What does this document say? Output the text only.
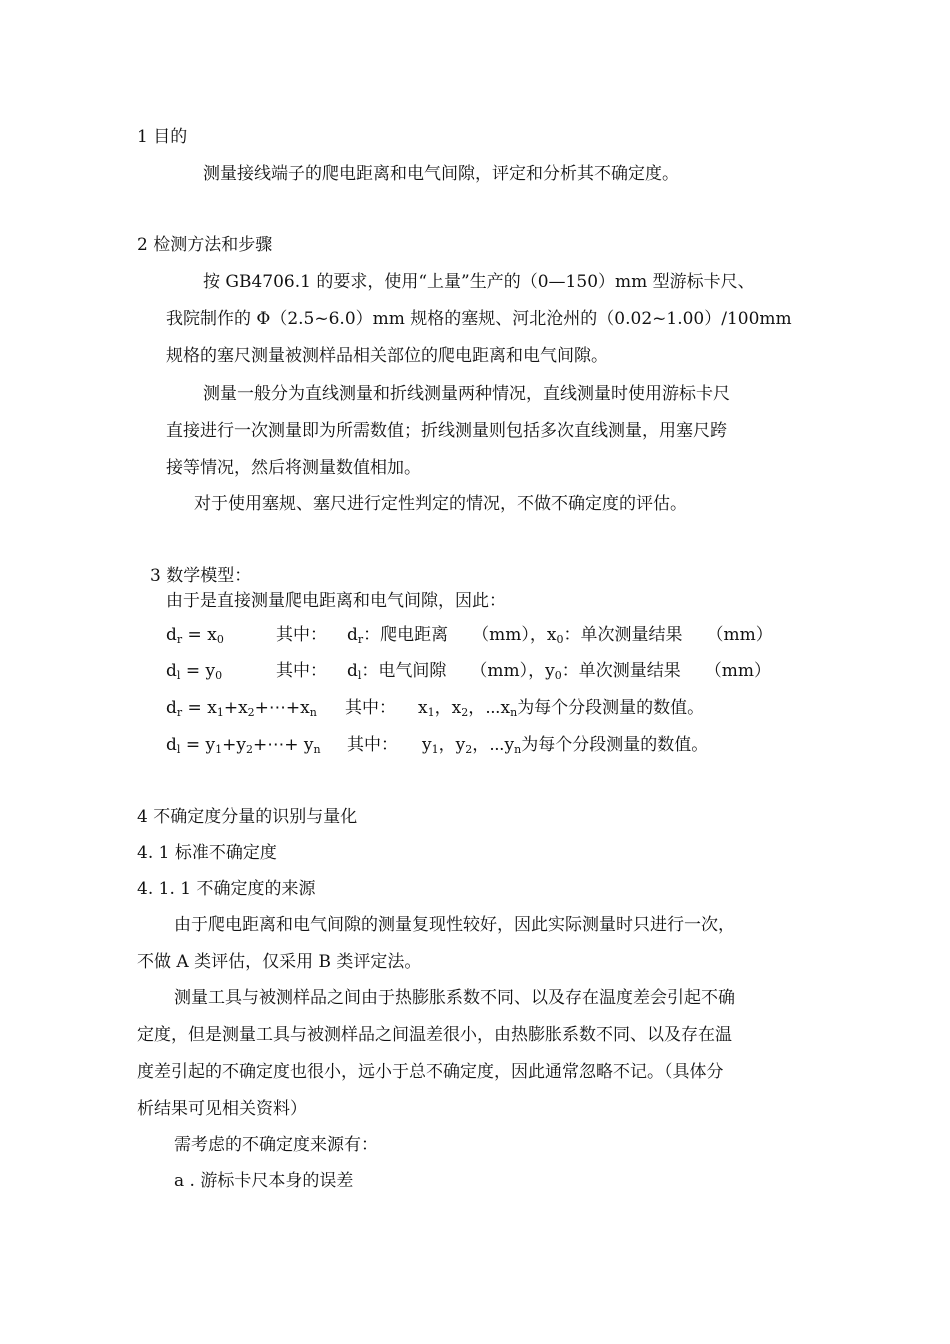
1 目的
测量接线端子的爬电距离和电气间隙，评定和分析其不确定度。
2 检测方法和步骤
按 GB4706.1 的要求，使用“上量”生产的（0—150）mm 型游标卡尺、
我院制作的 Φ（2.5~6.0）mm 规格的塞规、河北沧州的（0.02~1.00）/100mm
规格的塞尺测量被测样品相关部位的爬电距离和电气间隙。
测量一般分为直线测量和折线测量两种情况，直线测量时使用游标卡尺
直接进行一次测量即为所需数值；折线测量则包括多次直线测量，用塞尺跨
接等情况，然后将测量数值相加。
对于使用塞规、塞尺进行定性判定的情况，不做不确定度的评估。
3 数学模型：
由于是直接测量爬电距离和电气间隙，因此：
$d_r = x_0$	其中： $d_r$：爬电距离 （mm），$x_0$：单次测量结果 （mm）
$d_l = y_0$	其中： $d_l$：电气间隙 （mm），$y_0$：单次测量结果 （mm）
$d_r$ = $x_1+x_2+\cdots+x_n$ 其中： $x_1$，$x_2$，$\cdots x_n$为每个分段测量的数值。
$d_l$ = $y_1+y_2+\cdots+ y_n$ 其中： $y_1$，$y_2$，$\cdots y_n$为每个分段测量的数值。
4 不确定度分量的识别与量化
4. 1 标准不确定度
4. 1. 1 不确定度的来源
由于爬电距离和电气间隙的测量复现性较好，因此实际测量时只进行一次，
不做 A 类评估，仅采用 B 类评定法。
测量工具与被测样品之间由于热膨胀系数不同、以及存在温度差会引起不确
定度，但是测量工具与被测样品之间温差很小，由热膨胀系数不同、以及存在温
度差引起的不确定度也很小，远小于总不确定度，因此通常忽略不记。（具体分
析结果可见相关资料）
需考虑的不确定度来源有：
a . 游标卡尺本身的误差
